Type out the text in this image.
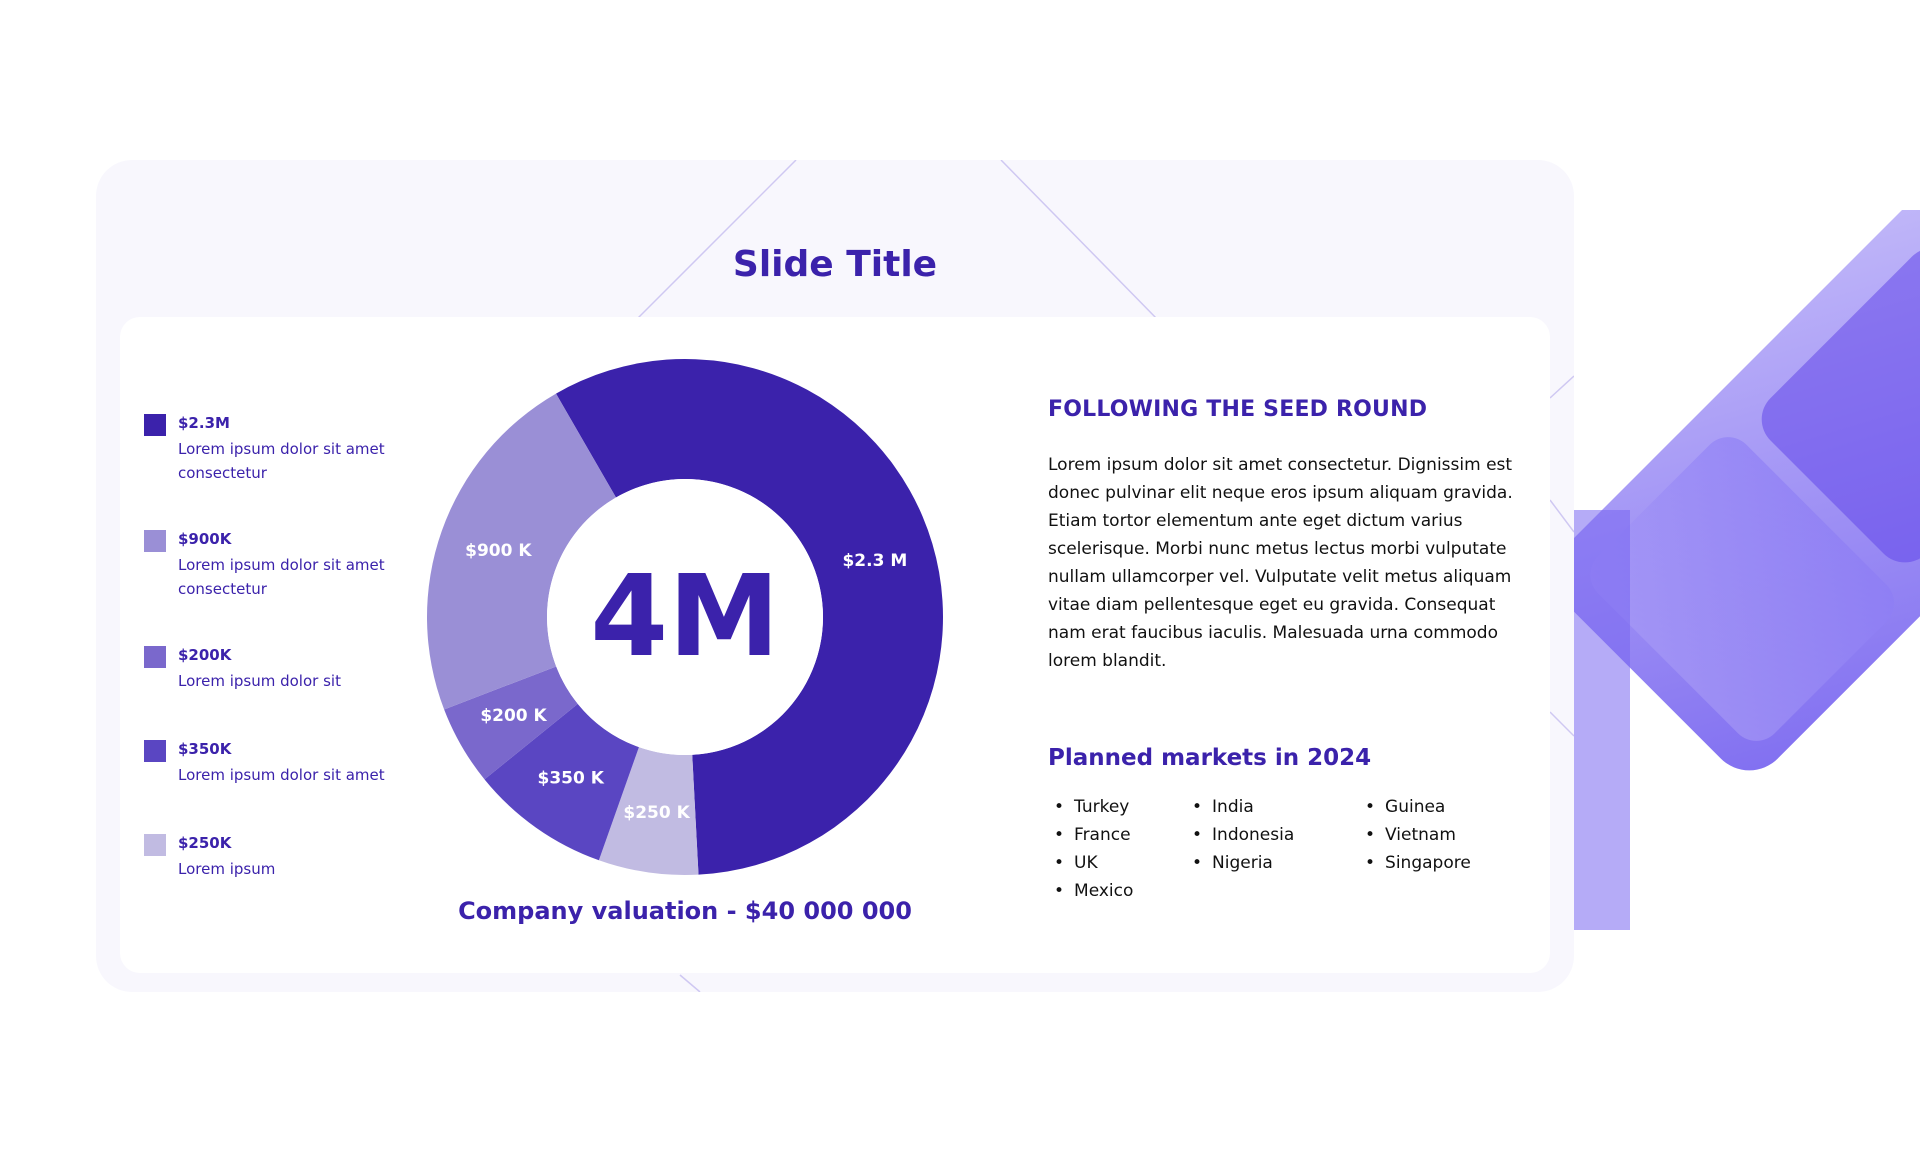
Slide Title
$2.3M
Lorem ipsum dolor sit amet consectetur
$900K
Lorem ipsum dolor sit amet consectetur
$200K
Lorem ipsum dolor sit
$350K
Lorem ipsum dolor sit amet
$250K
Lorem ipsum
$2.3 M
$250 K
$350 K
$200 K
$900 K
4M
Company valuation - $40 000 000
FOLLOWING THE SEED ROUND
Lorem ipsum dolor sit amet consectetur. Dignissim est donec pulvinar elit neque eros ipsum aliquam gravida. Etiam tortor elementum ante eget dictum varius scelerisque. Morbi nunc metus lectus morbi vulputate nullam ullamcorper vel. Vulputate velit metus aliquam vitae diam pellentesque eget eu gravida. Consequat nam erat faucibus iaculis. Malesuada urna commodo lorem blandit.
Planned markets in 2024
• Turkey
• France
• UK
• Mexico
• India
• Indonesia
• Nigeria
• Guinea
• Vietnam
• Singapore
